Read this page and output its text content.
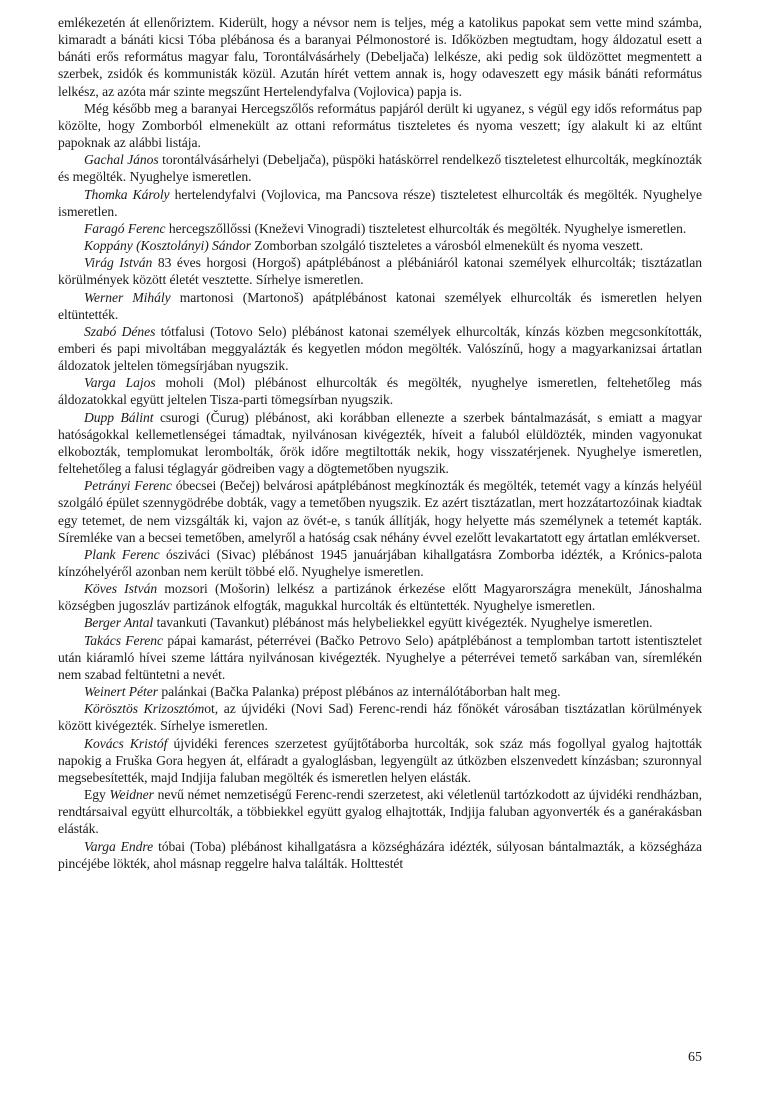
emlékezetén át ellenőriztem. Kiderült, hogy a névsor nem is teljes, még a katolikus papokat sem vette mind számba, kimaradt a bánáti kicsi Tóba plébánosa és a baranyai Pélmonostoré is. Időközben megtudtam, hogy áldozatul esett a bánáti erős református magyar falu, Torontálvásárhely (Debeljača) lelkésze, aki pedig sok üldözöttet megmentett a szerbek, zsidók és kommunisták közül. Azután hírét vettem annak is, hogy odaveszett egy másik bánáti református lelkész, az azóta már szinte megszűnt Hertelendyfalva (Vojlovica) papja is.

Még később meg a baranyai Hercegszőlős református papjáról derült ki ugyanez, s végül egy idős református pap közölte, hogy Zomborból elmenekült az ottani református tiszteletes és nyoma veszett; így alakult ki az eltűnt papoknak az alábbi listája.

Gachal János torontálvásárhelyi (Debeljača), püspöki hatáskörrel rendelkező tiszteletest elhurcolták, megkínozták és megölték. Nyughelye ismeretlen.

Thomka Károly hertelendyfalvi (Vojlovica, ma Pancsova része) tiszteletest elhurcolták és megölték. Nyughelye ismeretlen.

Faragó Ferenc hercegszőllőssi (Kneževi Vinogradi) tiszteletest elhurcolták és megölték. Nyughelye ismeretlen.

Koppány (Kosztolányi) Sándor Zomborban szolgáló tiszteletes a városból elmenekült és nyoma veszett.

Virág István 83 éves horgosi (Horgoš) apátplébánost a plébániáról katonai személyek elhurcolták; tisztázatlan körülmények között életét vesztette. Sírhelye ismeretlen.

Werner Mihály martonosi (Martonoš) apátplébánost katonai személyek elhurcolták és ismeretlen helyen eltüntették.

Szabó Dénes tótfalusi (Totovo Selo) plébánost katonai személyek elhurcolták, kínzás közben megcsonkították, emberi és papi mivoltában meggyalázták és kegyetlen módon megölték. Valószínű, hogy a magyarkanizsai ártatlan áldozatok jeltelen tömegsírjában nyugszik.

Varga Lajos moholi (Mol) plébánost elhurcolták és megölték, nyughelye ismeretlen, feltehetőleg más áldozatokkal együtt jeltelen Tisza-parti tömegsírban nyugszik.

Dupp Bálint csurogi (Čurug) plébánost, aki korábban ellenezte a szerbek bántalmazását, s emiatt a magyar hatóságokkal kellemetlenségei támadtak, nyilvánosan kivégezték, híveit a faluból elüldözték, minden vagyonukat elkobozták, templomukat lerombolták, őrök időre megtiltották nekik, hogy visszatérjenek. Nyughelye ismeretlen, feltehetőleg a falusi téglagyár gödreiben vagy a dögtemetőben nyugszik.

Petrányi Ferenc óbecsei (Bečej) belvárosi apátplébánost megkínozták és megölték, tetemét vagy a kínzás helyéül szolgáló épület szennygödrébe dobták, vagy a temetőben nyugszik. Ez azért tisztázatlan, mert hozzátartozóinak kiadtak egy tetemet, de nem vizsgálták ki, vajon az övét-e, s tanúk állítják, hogy helyette más személynek a tetemét kapták. Síremléke van a becsei temetőben, amelyről a hatóság csak néhány évvel ezelőtt levakartatott egy ártatlan emlékverset.

Plank Ferenc ószivácі (Sivac) plébánost 1945 januárjában kihallgatásra Zomborba idézték, a Krónics-palota kínzóhelyéről azonban nem került többé elő. Nyughelye ismeretlen.

Köves István mozsori (Mošorin) lelkész a partizánok érkezése előtt Magyarországra menekült, Jánoshalma községben jugoszláv partizánok elfogták, magukkal hurcolták és eltüntették. Nyughelye ismeretlen.

Berger Antal tavankuti (Tavankut) plébánost más helybeliekkel együtt kivégezték. Nyughelye ismeretlen.

Takács Ferenc pápai kamarást, péterrévei (Bačko Petrovo Selo) apátplébánost a templomban tartott istentisztelet után kiáramló hívei szeme láttára nyilvánosan kivégezték. Nyughelye a péterrévei temető sarkában van, síremlékén nem szabad feltüntetni a nevét.

Weinert Péter palánkai (Bačka Palanka) prépost plébános az internálótáborban halt meg.

Körösztös Krizosztómot, az újvidéki (Novi Sad) Ferenc-rendi ház főnökét városában tisztázatlan körülmények között kivégezték. Sírhelye ismeretlen.

Kovács Kristóf újvidéki ferences szerzetest gyűjtőtáborba hurcolták, sok száz más fogollyal gyalog hajtották napokig a Fruška Gora hegyen át, elfáradt a gyaloglásban, legyengült az útközben elszenvedett kínzásban; szuronnyal megsebesítették, majd Indjija faluban megölték és ismeretlen helyen elásták.

Egy Weidner nevű német nemzetiségű Ferenc-rendi szerzetest, aki véletlenül tartózkodott az újvidéki rendházban, rendtársaival együtt elhurcolták, a többiekkel együtt gyalog elhajtották, Indjija faluban agyonverték és a ganérakásban elásták.

Varga Endre tóbai (Toba) plébánost kihallgatásra a községházára idézték, súlyosan bántalmazták, a községháza pincéjébe lökték, ahol másnap reggelre halva találták. Holttestét

65
